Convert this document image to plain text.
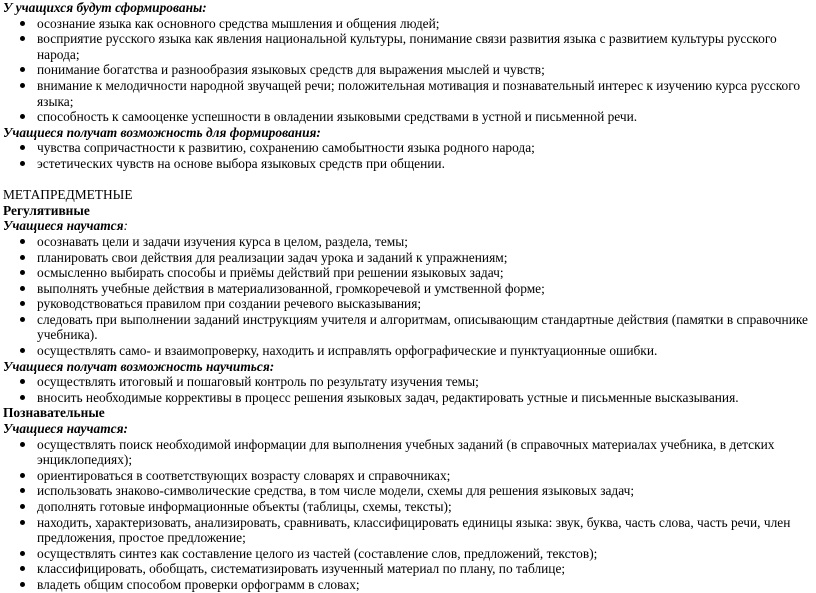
У учащихся будут сформированы:
осознание языка как основного средства мышления и общения людей;
восприятие русского языка как явления национальной культуры, понимание связи развития языка с развитием культуры русского народа;
понимание богатства и разнообразия языковых средств для выражения мыслей и чувств;
внимание к мелодичности народной звучащей речи; положительная мотивация и познавательный интерес к изучению курса русского языка;
способность к самооценке успешности в овладении языковыми средствами в устной и письменной речи.
Учащиеся получат возможность для формирования:
чувства сопричастности к развитию, сохранению самобытности языка родного народа;
эстетических чувств на основе выбора языковых средств при общении.
МЕТАПРЕДМЕТНЫЕ
Регулятивные
Учащиеся научатся:
осознавать цели и задачи изучения курса в целом, раздела, темы;
планировать свои действия для реализации задач урока и заданий к упражнениям;
осмысленно выбирать способы и приёмы действий при решении языковых задач;
выполнять учебные действия в материализованной, громкоречевой и умственной форме;
руководствоваться правилом при создании речевого высказывания;
следовать при выполнении заданий инструкциям учителя и алгоритмам, описывающим стандартные действия (памятки в справочнике учебника).
осуществлять само- и взаимопроверку, находить и исправлять орфографические и пунктуационные ошибки.
Учащиеся получат возможность научиться:
осуществлять итоговый и пошаговый контроль по результату изучения темы;
вносить необходимые коррективы в процесс решения языковых задач, редактировать устные и письменные высказывания.
Познавательные
Учащиеся научатся:
осуществлять поиск необходимой информации для выполнения учебных заданий (в справочных материалах учебника, в детских энциклопедиях);
ориентироваться в соответствующих возрасту словарях и справочниках;
использовать знаково-символические средства, в том числе модели, схемы для решения языковых задач;
дополнять готовые информационные объекты (таблицы, схемы, тексты);
находить, характеризовать, анализировать, сравнивать, классифицировать единицы языка: звук, буква, часть слова, часть речи, член предложения, простое предложение;
осуществлять синтез как составление целого из частей (составление слов, предложений, текстов);
классифицировать, обобщать, систематизировать изученный материал по плану, по таблице;
владеть общим способом проверки орфограмм в словах;
